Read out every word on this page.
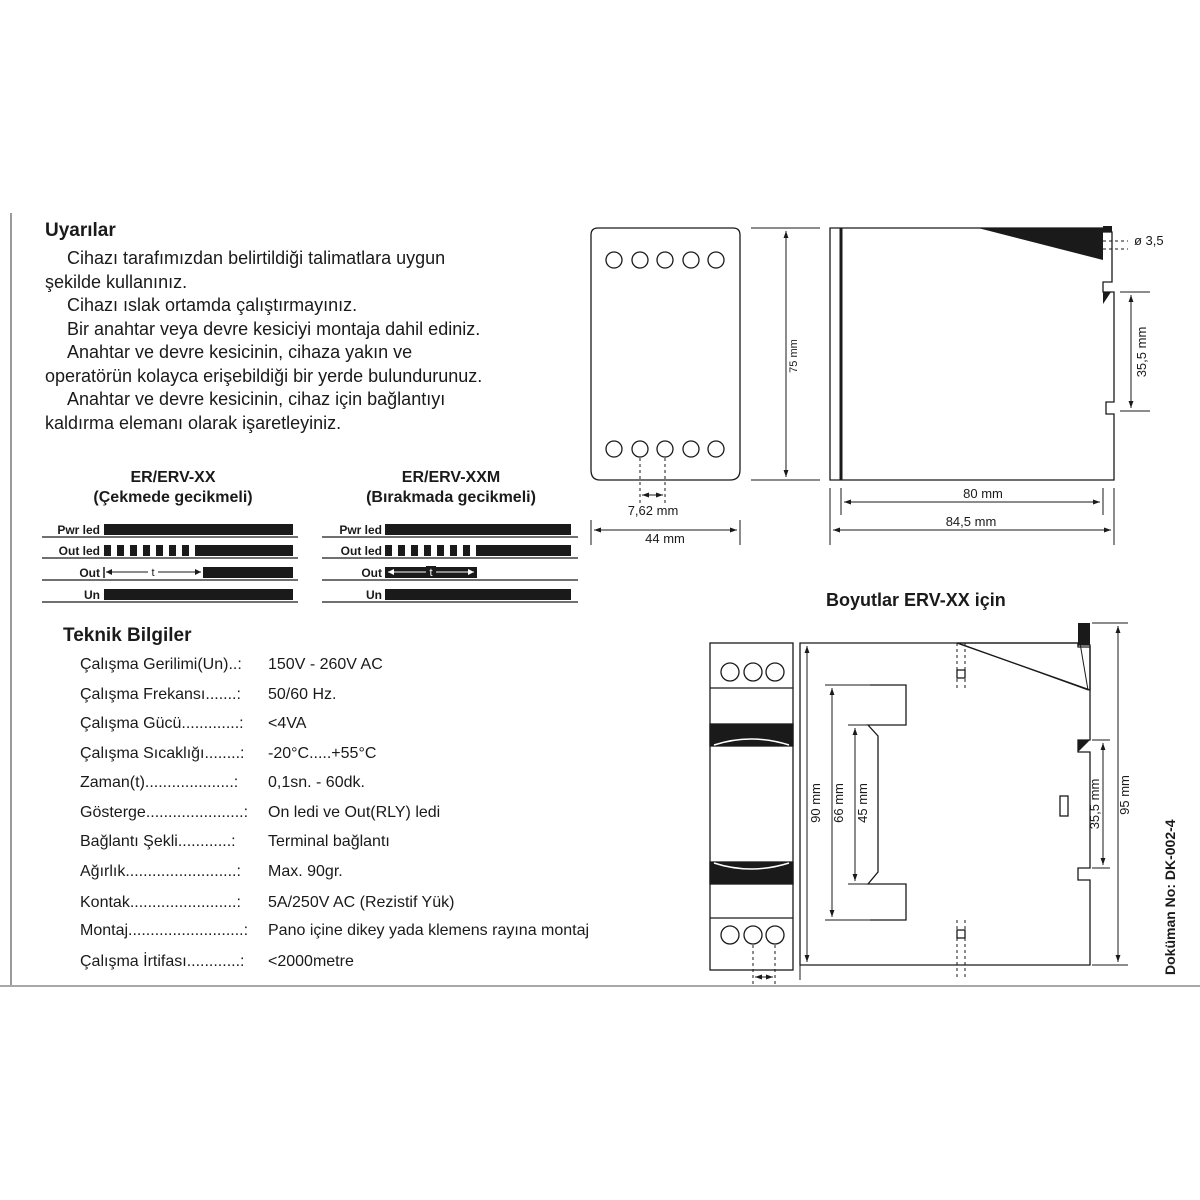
Uyarılar
Cihazı tarafımızdan belirtildiği talimatlara uygun
şekilde kullanınız.
Cihazı ıslak ortamda çalıştırmayınız.
Bir anahtar veya devre kesiciyi montaja dahil ediniz.
Anahtar ve devre kesicinin, cihaza yakın ve
operatörün kolayca erişebildiği bir yerde bulundurunuz.
Anahtar ve devre kesicinin, cihaz için bağlantıyı
kaldırma elemanı olarak işaretleyiniz.
ER/ERV-XX
(Çekmede gecikmeli)
ER/ERV-XXM
(Bırakmada gecikmeli)
Pwr led
Out led
Out
Un
t
Pwr led
Out led
Out
Un
t
Teknik Bilgiler
Çalışma Gerilimi(Un)..: 150V - 260V AC
Çalışma Frekansı.......: 50/60 Hz.
Çalışma Gücü.............: <4VA
Çalışma Sıcaklığı........: -20°C.....+55°C
Zaman(t)....................: 0,1sn. - 60dk.
Gösterge......................: On ledi ve Out(RLY) ledi
Bağlantı Şekli............: Terminal bağlantı
Ağırlık.........................: Max. 90gr.
Kontak........................: 5A/250V AC (Rezistif Yük)
Montaj..........................: Pano içine dikey yada klemens rayına montaj
Çalışma İrtifası............: <2000metre
75 mm
7,62 mm
44 mm
ø 3,5
35,5 mm
80 mm
84,5 mm
Boyutlar ERV-XX için
90 mm 66 mm 45 mm	35,5 mm 95 mm
Doküman No: DK-002-4
